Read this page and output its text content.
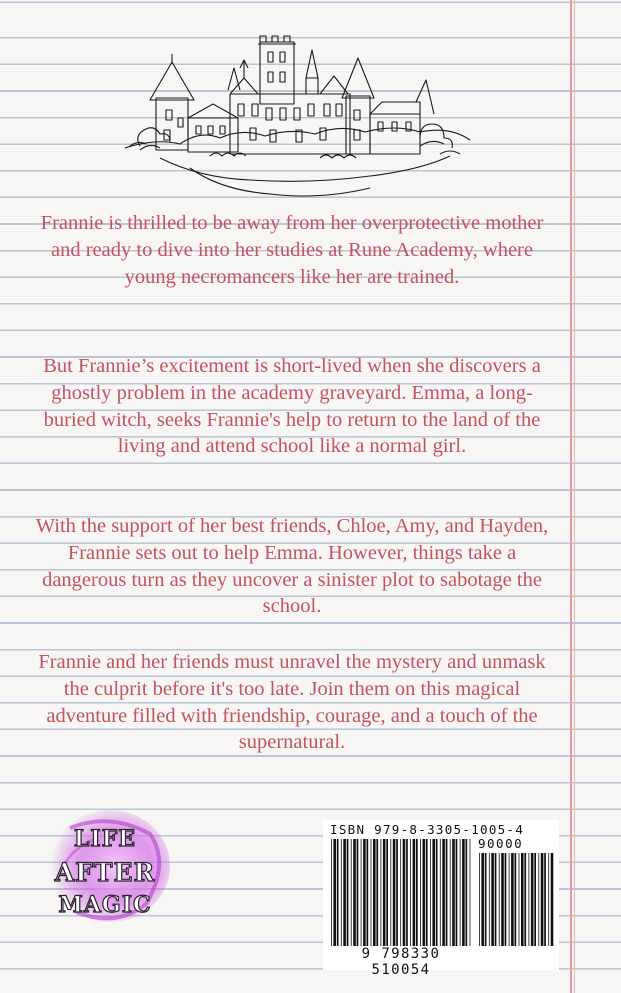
Frannie is thrilled to be away from her overprotective mother and ready to dive into her studies at Rune Academy, where young necromancers like her are trained.

But Frannie’s excitement is short-lived when she discovers a ghostly problem in the academy graveyard. Emma, a long-buried witch, seeks Frannie's help to return to the land of the living and attend school like a normal girl.

With the support of her best friends, Chloe, Amy, and Hayden, Frannie sets out to help Emma. However, things take a dangerous turn as they uncover a sinister plot to sabotage the school.

Frannie and her friends must unravel the mystery and unmask the culprit before it's too late. Join them on this magical adventure filled with friendship, courage, and a touch of the supernatural.

LIFE
AFTER
MAGIC
ISBN 979-8-3305-1005-4
90000
9 798330 510054
